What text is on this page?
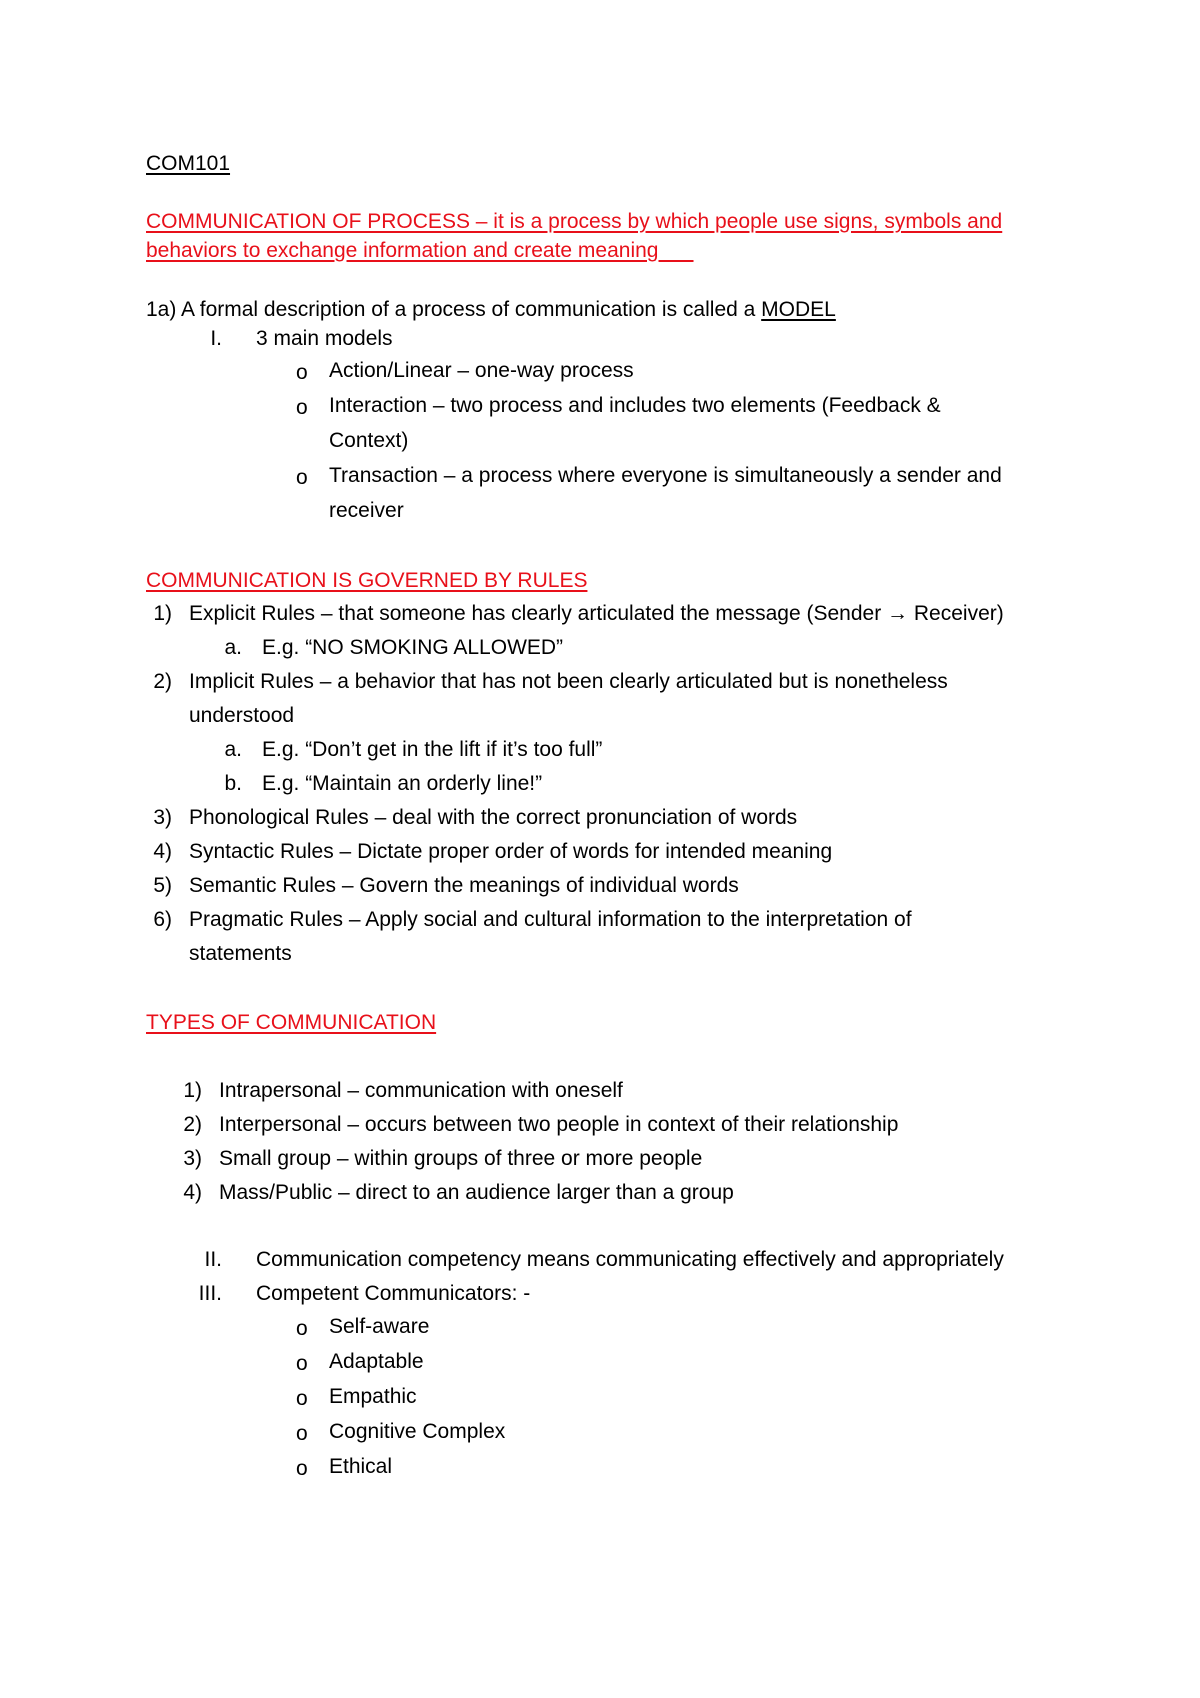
COM101
COMMUNICATION OF PROCESS – it is a process by which people use signs, symbols and
behaviors to exchange information and create meaning
1a) A formal description of a process of communication is called a MODEL
I. 3 main models
o Action/Linear – one-way process
o Interaction – two process and includes two elements (Feedback &
Context)
o Transaction – a process where everyone is simultaneously a sender and
receiver
COMMUNICATION IS GOVERNED BY RULES
1) Explicit Rules – that someone has clearly articulated the message (Sender → Receiver)
a. E.g. “NO SMOKING ALLOWED”
2) Implicit Rules – a behavior that has not been clearly articulated but is nonetheless
understood
a. E.g. “Don’t get in the lift if it’s too full”
b. E.g. “Maintain an orderly line!”
3) Phonological Rules – deal with the correct pronunciation of words
4) Syntactic Rules – Dictate proper order of words for intended meaning
5) Semantic Rules – Govern the meanings of individual words
6) Pragmatic Rules – Apply social and cultural information to the interpretation of
statements
TYPES OF COMMUNICATION
1) Intrapersonal – communication with oneself
2) Interpersonal – occurs between two people in context of their relationship
3) Small group – within groups of three or more people
4) Mass/Public – direct to an audience larger than a group
II. Communication competency means communicating effectively and appropriately
III. Competent Communicators: -
o Self-aware
o Adaptable
o Empathic
o Cognitive Complex
o Ethical
